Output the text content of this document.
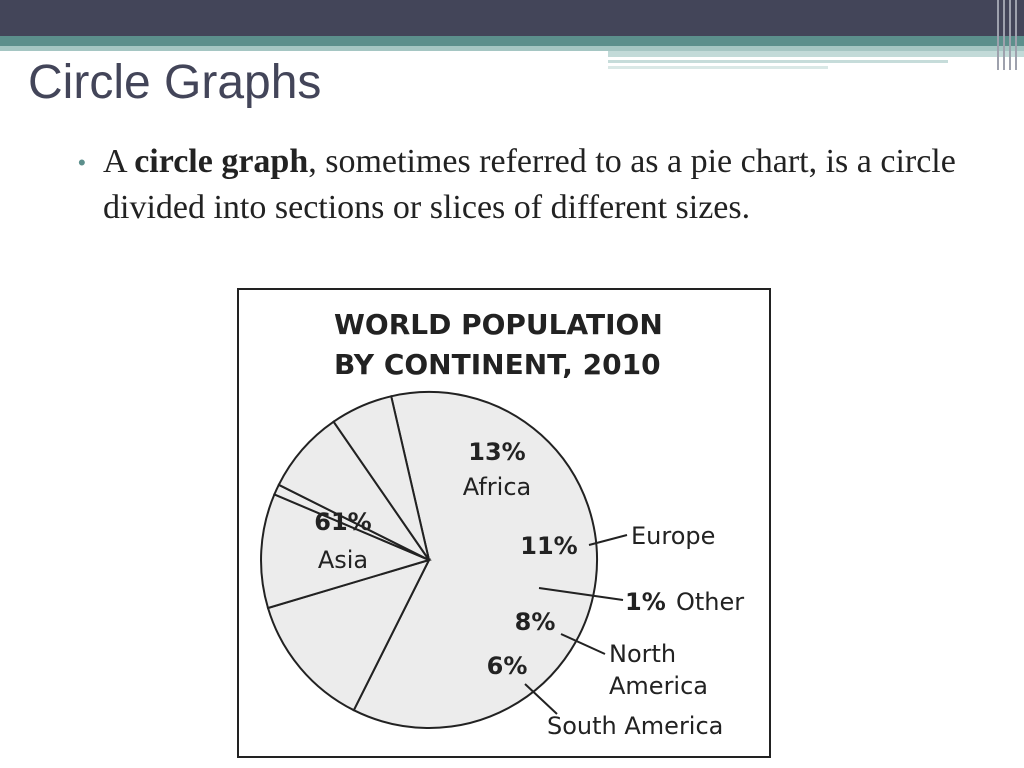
Circle Graphs
• A circle graph, sometimes referred to as a pie chart, is a circle divided into sections or slices of different sizes.

WORLD POPULATION
BY CONTINENT, 2010
61%
Asia
13%
Africa
11% Europe
1% Other
8%
North
America
6%
South America
